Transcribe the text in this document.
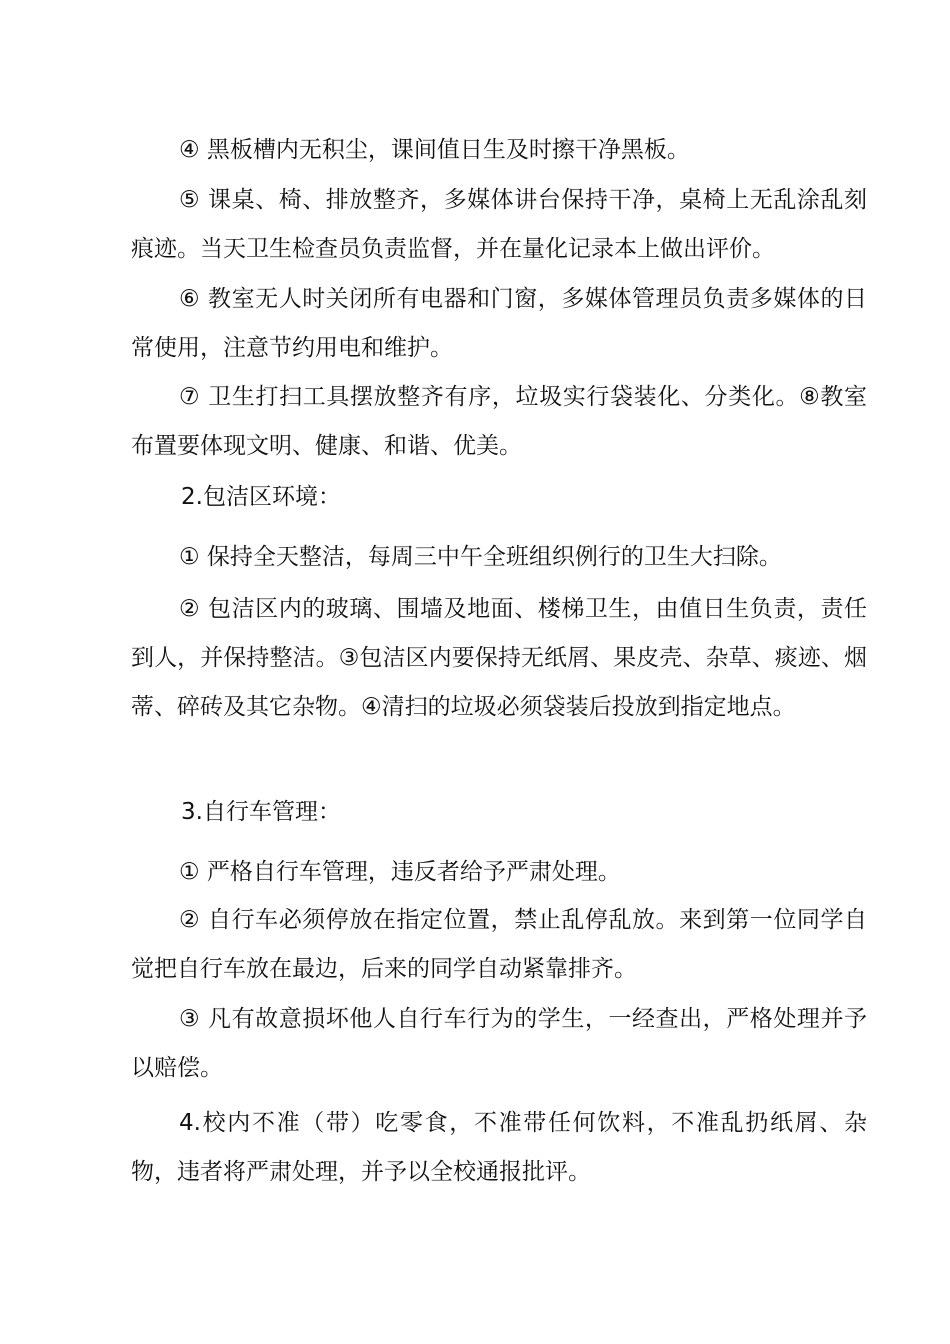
④ 黑板槽内无积尘，课间值日生及时擦干净黑板。

⑤ 课桌、椅、排放整齐，多媒体讲台保持干净，桌椅上无乱涂乱刻痕迹。当天卫生检查员负责监督，并在量化记录本上做出评价。

⑥ 教室无人时关闭所有电器和门窗，多媒体管理员负责多媒体的日常使用，注意节约用电和维护。

⑦ 卫生打扫工具摆放整齐有序，垃圾实行袋装化、分类化。⑧教室布置要体现文明、健康、和谐、优美。

2.包洁区环境：

① 保持全天整洁，每周三中午全班组织例行的卫生大扫除。

② 包洁区内的玻璃、围墙及地面、楼梯卫生，由值日生负责，责任到人，并保持整洁。③包洁区内要保持无纸屑、果皮壳、杂草、痰迹、烟蒂、碎砖及其它杂物。④清扫的垃圾必须袋装后投放到指定地点。

3.自行车管理：

① 严格自行车管理，违反者给予严肃处理。

② 自行车必须停放在指定位置，禁止乱停乱放。来到第一位同学自觉把自行车放在最边，后来的同学自动紧靠排齐。

③ 凡有故意损坏他人自行车行为的学生，一经查出，严格处理并予以赔偿。

4.校内不准（带）吃零食，不准带任何饮料，不准乱扔纸屑、杂物，违者将严肃处理，并予以全校通报批评。
